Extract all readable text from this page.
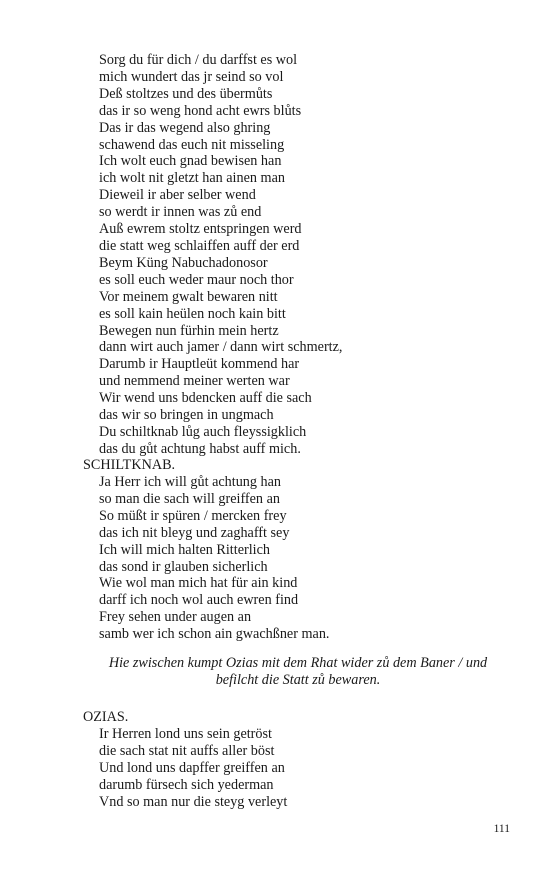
Sorg du für dich / du darffst es wol
mich wundert das jr seind so vol
Deß stoltzes und des übermůts
das ir so weng hond acht ewrs blůts
Das ir das wegend also ghring
schawend das euch nit misseling
Ich wolt euch gnad bewisen han
ich wolt nit gletzt han ainen man
Dieweil ir aber selber wend
so werdt ir innen was zů end
Auß ewrem stoltz entspringen werd
die statt weg schlaiffen auff der erd
Beym Küng Nabuchadonosor
es soll euch weder maur noch thor
Vor meinem gwalt bewaren nitt
es soll kain heülen noch kain bitt
Bewegen nun fürhin mein hertz
dann wirt auch jamer / dann wirt schmertz,
Darumb ir Hauptleüt kommend har
und nemmend meiner werten war
Wir wend uns bdencken auff die sach
das wir so bringen in ungmach
Du schiltknab lůg auch fleyssigklich
das du gůt achtung habst auff mich.
SCHILTKNAB.
Ja Herr ich will gůt achtung han
so man die sach will greiffen an
So müßt ir spüren / mercken frey
das ich nit bleyg und zaghafft sey
Ich will mich halten Ritterlich
das sond ir glauben sicherlich
Wie wol man mich hat für ain kind
darff ich noch wol auch ewren find
Frey sehen under augen an
samb wer ich schon ain gwachßner man.
Hie zwischen kumpt Ozias mit dem Rhat wider zů dem Baner / und
befilcht die Statt zů bewaren.
OZIAS.
Ir Herren lond uns sein getröst
die sach stat nit auffs aller böst
Und lond uns dapffer greiffen an
darumb fürsech sich yederman
Vnd so man nur die steyg verleyt
111
